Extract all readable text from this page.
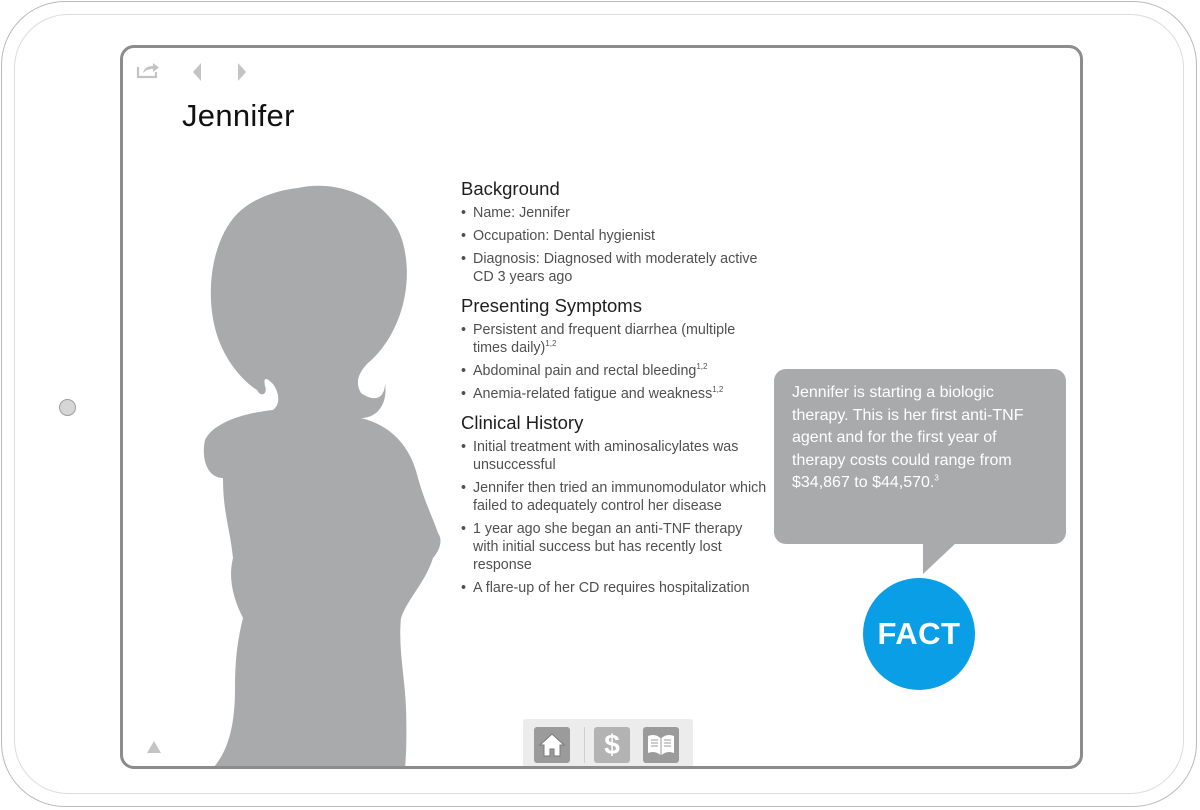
Jennifer
Background
• Name: Jennifer
• Occupation: Dental hygienist
• Diagnosis: Diagnosed with moderately active CD 3 years ago
Presenting Symptoms
• Persistent and frequent diarrhea (multiple times daily)$^{1,2}$
• Abdominal pain and rectal bleeding$^{1,2}$
• Anemia-related fatigue and weakness$^{1,2}$
Clinical History
• Initial treatment with aminosalicylates was unsuccessful
• Jennifer then tried an immunomodulator which failed to adequately control her disease
• 1 year ago she began an anti-TNF therapy with initial success but has recently lost response
• A flare-up of her CD requires hospitalization
Jennifer is starting a biologic therapy. This is her first anti-TNF agent and for the first year of therapy costs could range from $34,867 to $44,570.$^3$
FACT
$
